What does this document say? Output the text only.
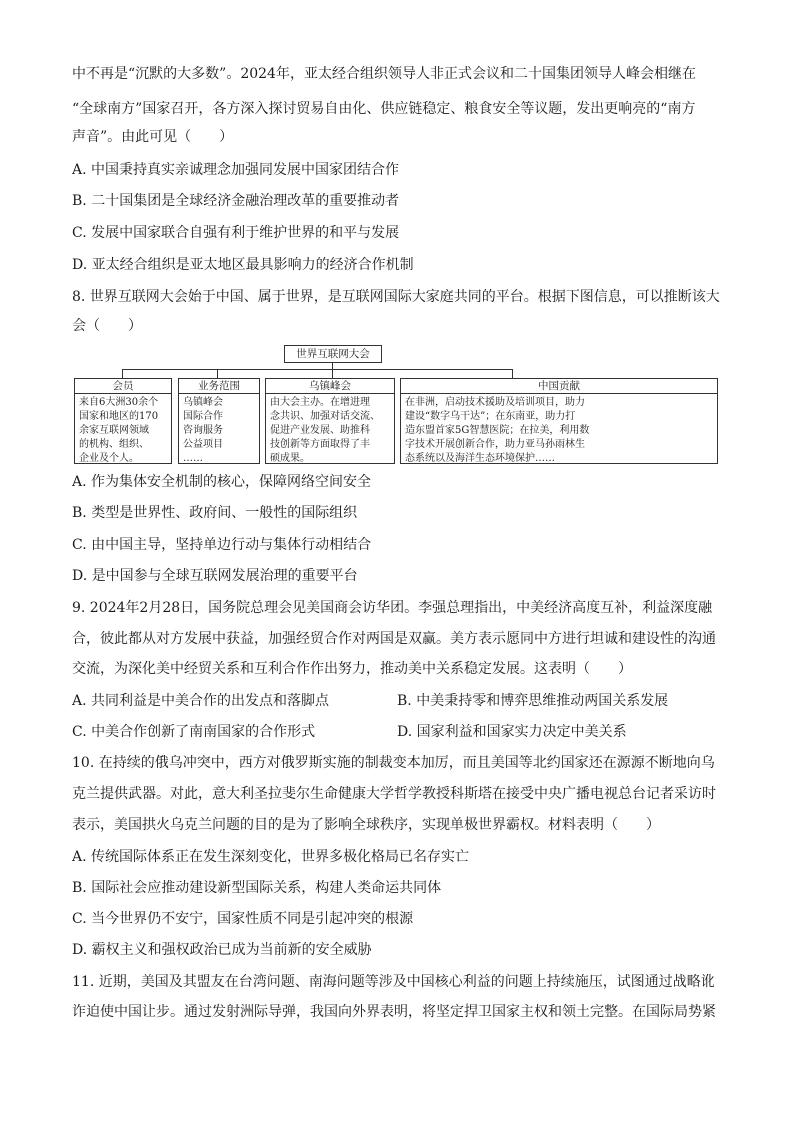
中不再是“沉默的大多数”。2024年，亚太经合组织领导人非正式会议和二十国集团领导人峰会相继在
“全球南方”国家召开，各方深入探讨贸易自由化、供应链稳定、粮食安全等议题，发出更响亮的“南方
声音”。由此可见（　　）
A. 中国秉持真实亲诚理念加强同发展中国家团结合作
B. 二十国集团是全球经济金融治理改革的重要推动者
C. 发展中国家联合自强有利于维护世界的和平与发展
D. 亚太经合组织是亚太地区最具影响力的经济合作机制
8. 世界互联网大会始于中国、属于世界，是互联网国际大家庭共同的平台。根据下图信息，可以推断该大
会（　　）
世界互联网大会
会员
来自6大洲30余个
国家和地区的170
余家互联网领域
的机构、组织、
企业及个人。
业务范围
乌镇峰会
国际合作
咨询服务
公益项目
……
乌镇峰会
由大会主办。在增进理
念共识、加强对话交流、
促进产业发展、助推科
技创新等方面取得了丰
硕成果。
中国贡献
在非洲，启动技术援助及培训项目，助力
建设“数字乌干达”；在东南亚，助力打
造东盟首家5G智慧医院；在拉美，利用数
字技术开展创新合作，助力亚马孙雨林生
态系统以及海洋生态环境保护……
A. 作为集体安全机制的核心，保障网络空间安全
B. 类型是世界性、政府间、一般性的国际组织
C. 由中国主导，坚持单边行动与集体行动相结合
D. 是中国参与全球互联网发展治理的重要平台
9. 2024年2月28日，国务院总理会见美国商会访华团。李强总理指出，中美经济高度互补，利益深度融
合，彼此都从对方发展中获益，加强经贸合作对两国是双赢。美方表示愿同中方进行坦诚和建设性的沟通
交流，为深化美中经贸关系和互利合作作出努力，推动美中关系稳定发展。这表明（　　）
A. 共同利益是中美合作的出发点和落脚点	B. 中美秉持零和博弈思维推动两国关系发展
C. 中美合作创新了南南国家的合作形式	D. 国家利益和国家实力决定中美关系
10. 在持续的俄乌冲突中，西方对俄罗斯实施的制裁变本加厉，而且美国等北约国家还在源源不断地向乌
克兰提供武器。对此，意大利圣拉斐尔生命健康大学哲学教授科斯塔在接受中央广播电视总台记者采访时
表示，美国拱火乌克兰问题的目的是为了影响全球秩序，实现单极世界霸权。材料表明（　　）
A. 传统国际体系正在发生深刻变化，世界多极化格局已名存实亡
B. 国际社会应推动建设新型国际关系，构建人类命运共同体
C. 当今世界仍不安宁，国家性质不同是引起冲突的根源
D. 霸权主义和强权政治已成为当前新的安全威胁
11. 近期，美国及其盟友在台湾问题、南海问题等涉及中国核心利益的问题上持续施压，试图通过战略讹
诈迫使中国让步。通过发射洲际导弹，我国向外界表明，将坚定捍卫国家主权和领土完整。在国际局势紧
